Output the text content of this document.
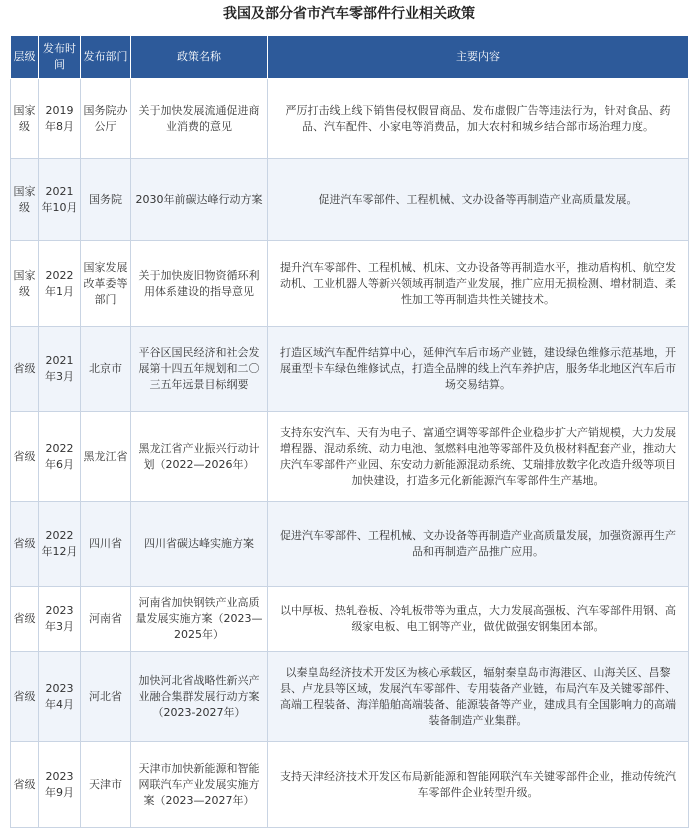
我国及部分省市汽车零部件行业相关政策
层级	发布时间	发布部门	政策名称	主要内容
国家级	2019年8月	国务院办公厅	关于加快发展流通促进商业消费的意见	严厉打击线上线下销售侵权假冒商品、发布虚假广告等违法行为，针对食品、药品、汽车配件、小家电等消费品，加大农村和城乡结合部市场治理力度。
国家级	2021年10月	国务院	2030年前碳达峰行动方案	促进汽车零部件、工程机械、文办设备等再制造产业高质量发展。
国家级	2022年1月	国家发展改革委等部门	关于加快废旧物资循环利用体系建设的指导意见	提升汽车零部件、工程机械、机床、文办设备等再制造水平，推动盾构机、航空发动机、工业机器人等新兴领域再制造产业发展，推广应用无损检测、增材制造、柔性加工等再制造共性关键技术。
省级	2021年3月	北京市	平谷区国民经济和社会发展第十四五年规划和二〇三五年远景目标纲要	打造区域汽车配件结算中心，延伸汽车后市场产业链，建设绿色维修示范基地，开展重型卡车绿色维修试点，打造全品牌的线上汽车养护店，服务华北地区汽车后市场交易结算。
省级	2022年6月	黑龙江省	黑龙江省产业振兴行动计划（2022—2026年）	支持东安汽车、天有为电子、富通空调等零部件企业稳步扩大产销规模，大力发展增程器、混动系统、动力电池、氢燃料电池等零部件及负极材料配套产业，推动大庆汽车零部件产业园、东安动力新能源混动系统、艾瑞排放数字化改造升级等项目加快建设，打造多元化新能源汽车零部件生产基地。
省级	2022年12月	四川省	四川省碳达峰实施方案	促进汽车零部件、工程机械、文办设备等再制造产业高质量发展，加强资源再生产品和再制造产品推广应用。
省级	2023年3月	河南省	河南省加快钢铁产业高质量发展实施方案（2023—2025年）	以中厚板、热轧卷板、冷轧板带等为重点，大力发展高强板、汽车零部件用钢、高级家电板、电工钢等产业，做优做强安钢集团本部。
省级	2023年4月	河北省	加快河北省战略性新兴产业融合集群发展行动方案（2023-2027年）	以秦皇岛经济技术开发区为核心承载区，辐射秦皇岛市海港区、山海关区、昌黎县、卢龙县等区域，发展汽车零部件、专用装备产业链，布局汽车及关键零部件、高端工程装备、海洋船舶高端装备、能源装备等产业，建成具有全国影响力的高端装备制造产业集群。
省级	2023年9月	天津市	天津市加快新能源和智能网联汽车产业发展实施方案（2023—2027年）	支持天津经济技术开发区布局新能源和智能网联汽车关键零部件企业，推动传统汽车零部件企业转型升级。
